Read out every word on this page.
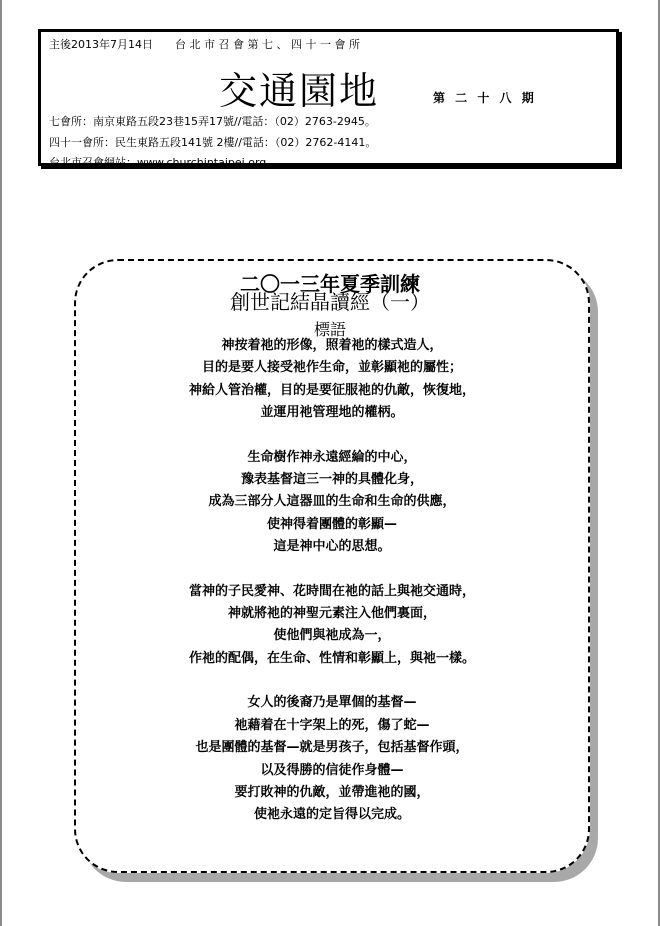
主後2013年7月14日 台 北 市 召 會 第 七 、 四 十 一 會 所
交通園地	第 二 十 八 期
七會所：南京東路五段23巷15弄17號//電話：（02）2763-2945。
四十一會所：民生東路五段141號 2樓//電話：（02）2762-4141。
台北市召會網站：www.churchintaipei.org
二〇一三年夏季訓練
創世記結晶讀經（一）
標語
神按着祂的形像，照着祂的樣式造人，
目的是要人接受祂作生命，並彰顯祂的屬性；
神給人管治權，目的是要征服祂的仇敵，恢復地，
並運用祂管理地的權柄。
生命樹作神永遠經綸的中心，
豫表基督這三一神的具體化身，
成為三部分人這器皿的生命和生命的供應，
使神得着團體的彰顯—
這是神中心的思想。
當神的子民愛神、花時間在祂的話上與祂交通時，
神就將祂的神聖元素注入他們裏面，
使他們與祂成為一，
作祂的配偶，在生命、性情和彰顯上，與祂一樣。
女人的後裔乃是單個的基督—
祂藉着在十字架上的死，傷了蛇—
也是團體的基督—就是男孩子，包括基督作頭，
以及得勝的信徒作身體—
要打敗神的仇敵，並帶進祂的國，
使祂永遠的定旨得以完成。
